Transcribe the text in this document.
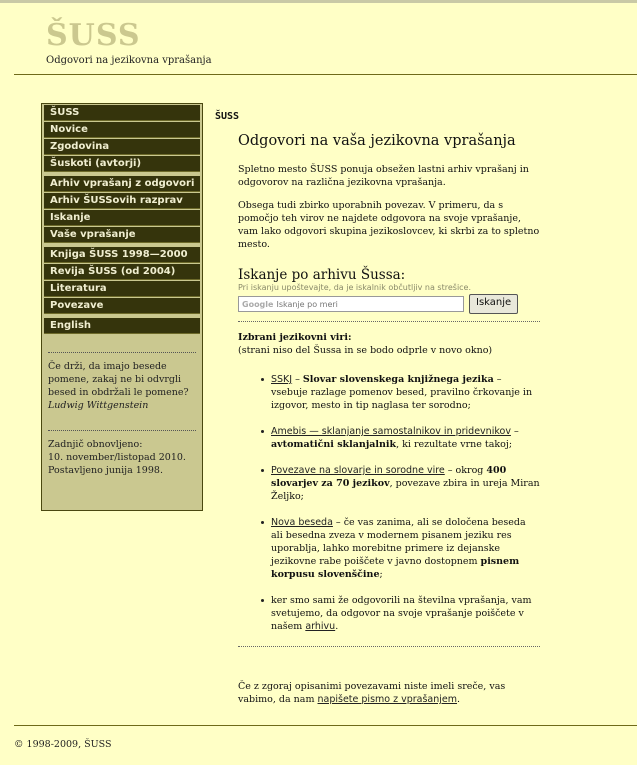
ŠUSS
Odgovori na jezikovna vprašanja
ŠUSS
Novice
Zgodovina
Šuskoti (avtorji)
Arhiv vprašanj z odgovori
Arhiv ŠUSSovih razprav
Iskanje
Vaše vprašanje
Knjiga ŠUSS 1998—2000
Revija ŠUSS (od 2004)
Literatura
Povezave
English
Če drži, da imajo besede pomene, zakaj ne bi odvrgli besed in obdržali le pomene?
Ludwig Wittgenstein
Zadnjič obnovljeno:
10. november/listopad 2010.
Postavljeno junija 1998.
ŠUSS
Odgovori na vaša jezikovna vprašanja

Spletno mesto ŠUSS ponuja obsežen lastni arhiv vprašanj in odgovorov na različna jezikovna vprašanja.

Obsega tudi zbirko uporabnih povezav. V primeru, da s pomočjo teh virov ne najdete odgovora na svoje vprašanje, vam lako odgovori skupina jezikoslovcev, ki skrbi za to spletno mesto.

Iskanje po arhivu Šussa:
Pri iskanju upoštevajte, da je iskalnik občutljiv na strešice.
Google Iskanje po meri	Iskanje
Izbrani jezikovni viri:
(strani niso del Šussa in se bodo odprle v novo okno)
SSKJ – Slovar slovenskega knjižnega jezika – vsebuje razlage pomenov besed, pravilno črkovanje in izgovor, mesto in tip naglasa ter sorodno;
Amebis — sklanjanje samostalnikov in pridevnikov – avtomatični sklanjalnik, ki rezultate vrne takoj;
Povezave na slovarje in sorodne vire – okrog 400 slovarjev za 70 jezikov, povezave zbira in ureja Miran Željko;
Nova beseda – če vas zanima, ali se določena beseda ali besedna zveza v modernem pisanem jeziku res uporablja, lahko morebitne primere iz dejanske jezikovne rabe poiščete v javno dostopnem pisnem korpusu slovenščine;
ker smo sami že odgovorili na številna vprašanja, vam svetujemo, da odgovor na svoje vprašanje poiščete v našem arhivu.

Če z zgoraj opisanimi povezavami niste imeli sreče, vas vabimo, da nam napišete pismo z vprašanjem.

© 1998-2009, ŠUSS
